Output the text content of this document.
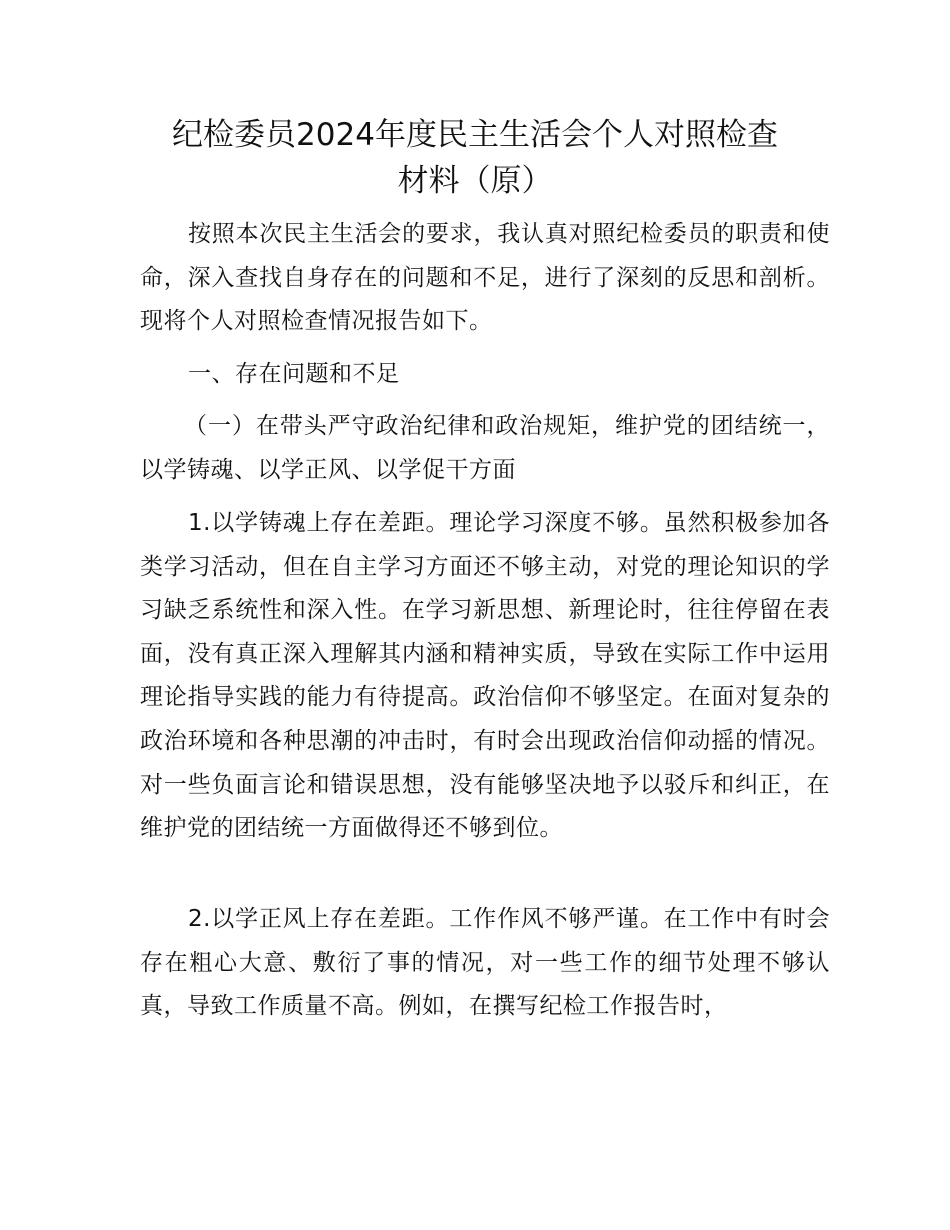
纪检委员2024年度民主生活会个人对照检查
材料（原）

按照本次民主生活会的要求，我认真对照纪检委员的职责和使命，深入查找自身存在的问题和不足，进行了深刻的反思和剖析。现将个人对照检查情况报告如下。

一、存在问题和不足

（一）在带头严守政治纪律和政治规矩，维护党的团结统一，以学铸魂、以学正风、以学促干方面

1.以学铸魂上存在差距。理论学习深度不够。虽然积极参加各类学习活动，但在自主学习方面还不够主动，对党的理论知识的学习缺乏系统性和深入性。在学习新思想、新理论时，往往停留在表面，没有真正深入理解其内涵和精神实质，导致在实际工作中运用理论指导实践的能力有待提高。政治信仰不够坚定。在面对复杂的政治环境和各种思潮的冲击时，有时会出现政治信仰动摇的情况。对一些负面言论和错误思想，没有能够坚决地予以驳斥和纠正，在维护党的团结统一方面做得还不够到位。

2.以学正风上存在差距。工作作风不够严谨。在工作中有时会存在粗心大意、敷衍了事的情况，对一些工作的细节处理不够认真，导致工作质量不高。例如，在撰写纪检工作报告时，
